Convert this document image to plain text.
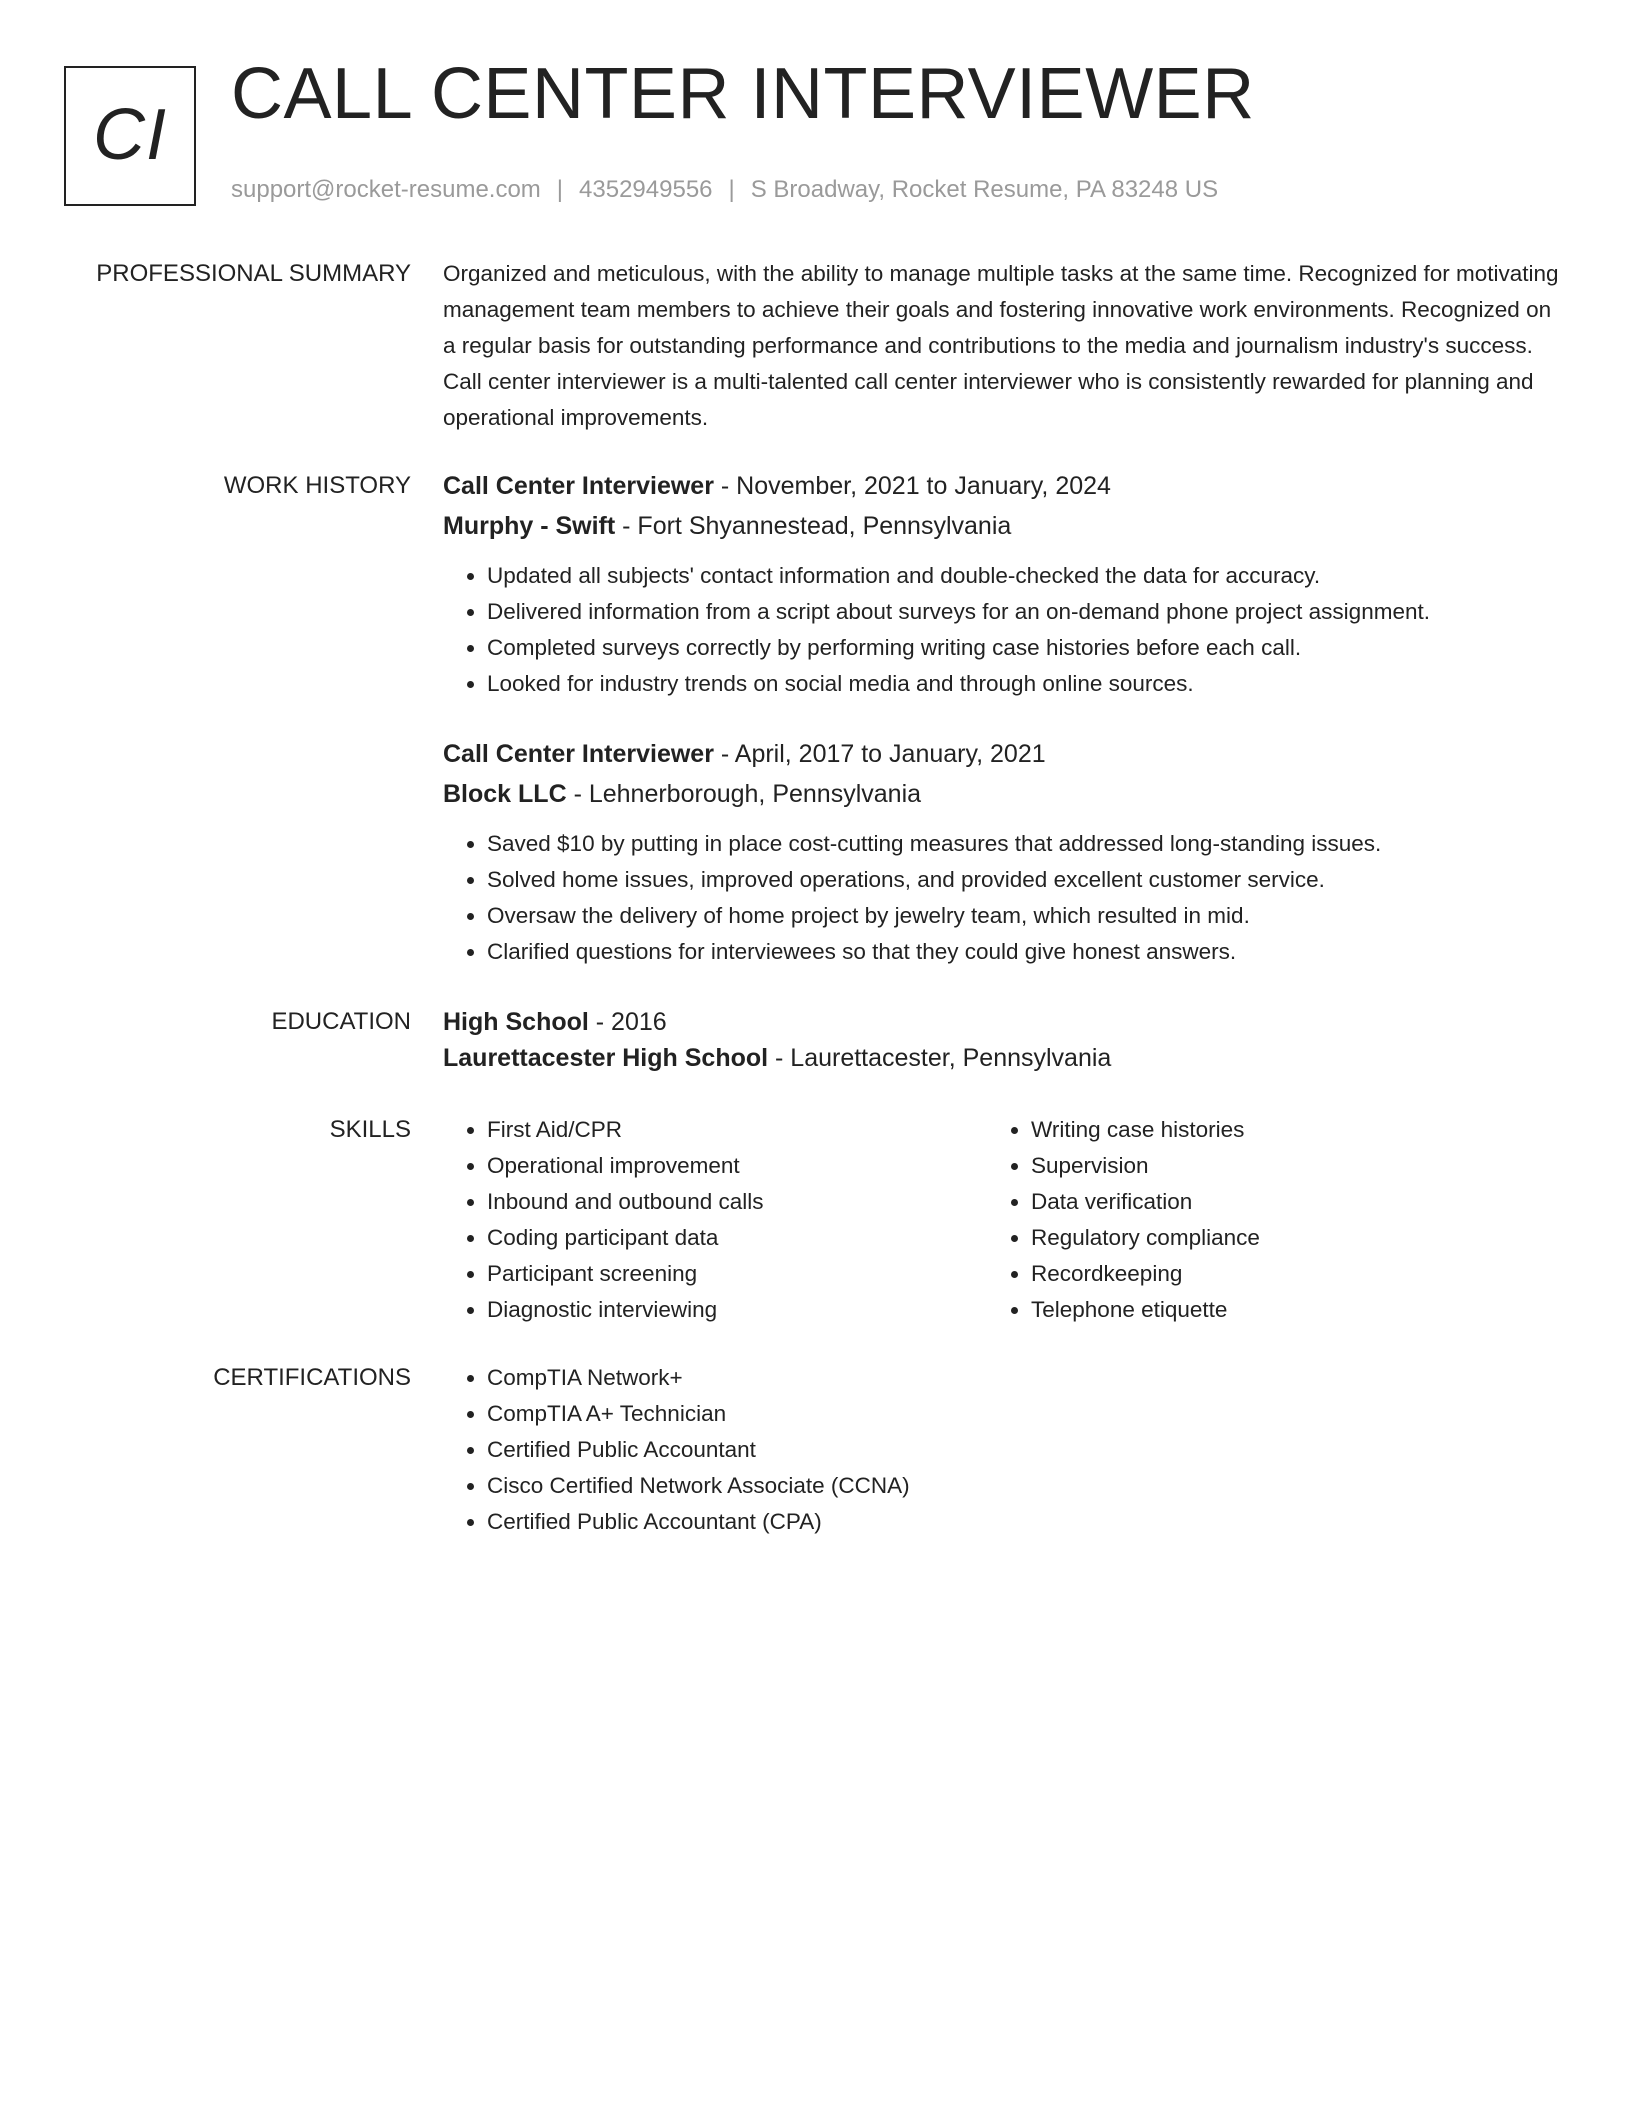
CI
CALL CENTER INTERVIEWER
support@rocket-resume.com | 4352949556 | S Broadway, Rocket Resume, PA 83248 US
PROFESSIONAL SUMMARY Organized and meticulous, with the ability to manage multiple tasks at the same time. Recognized for motivating management team members to achieve their goals and fostering innovative work environments. Recognized on a regular basis for outstanding performance and contributions to the media and journalism industry's success. Call center interviewer is a multi-talented call center interviewer who is consistently rewarded for planning and operational improvements.

WORK HISTORY Call Center Interviewer - November, 2021 to January, 2024

Murphy - Swift - Fort Shyannestead, Pennsylvania

• Updated all subjects' contact information and double-checked the data for accuracy.
• Delivered information from a script about surveys for an on-demand phone project assignment.
• Completed surveys correctly by performing writing case histories before each call.
• Looked for industry trends on social media and through online sources.

Call Center Interviewer - April, 2017 to January, 2021

Block LLC - Lehnerborough, Pennsylvania

• Saved $10 by putting in place cost-cutting measures that addressed long-standing issues.
• Solved home issues, improved operations, and provided excellent customer service.
• Oversaw the delivery of home project by jewelry team, which resulted in mid.
• Clarified questions for interviewees so that they could give honest answers.
EDUCATION High School - 2016

Laurettacester High School - Laurettacester, Pennsylvania

SKILLS	• First Aid/CPR
• Operational improvement
• Inbound and outbound calls
• Coding participant data
• Participant screening
• Diagnostic interviewing
• Writing case histories
• Supervision
• Data verification
• Regulatory compliance
• Recordkeeping
• Telephone etiquette
CERTIFICATIONS	• CompTIA Network+
• CompTIA A+ Technician
• Certified Public Accountant
• Cisco Certified Network Associate (CCNA)
• Certified Public Accountant (CPA)
